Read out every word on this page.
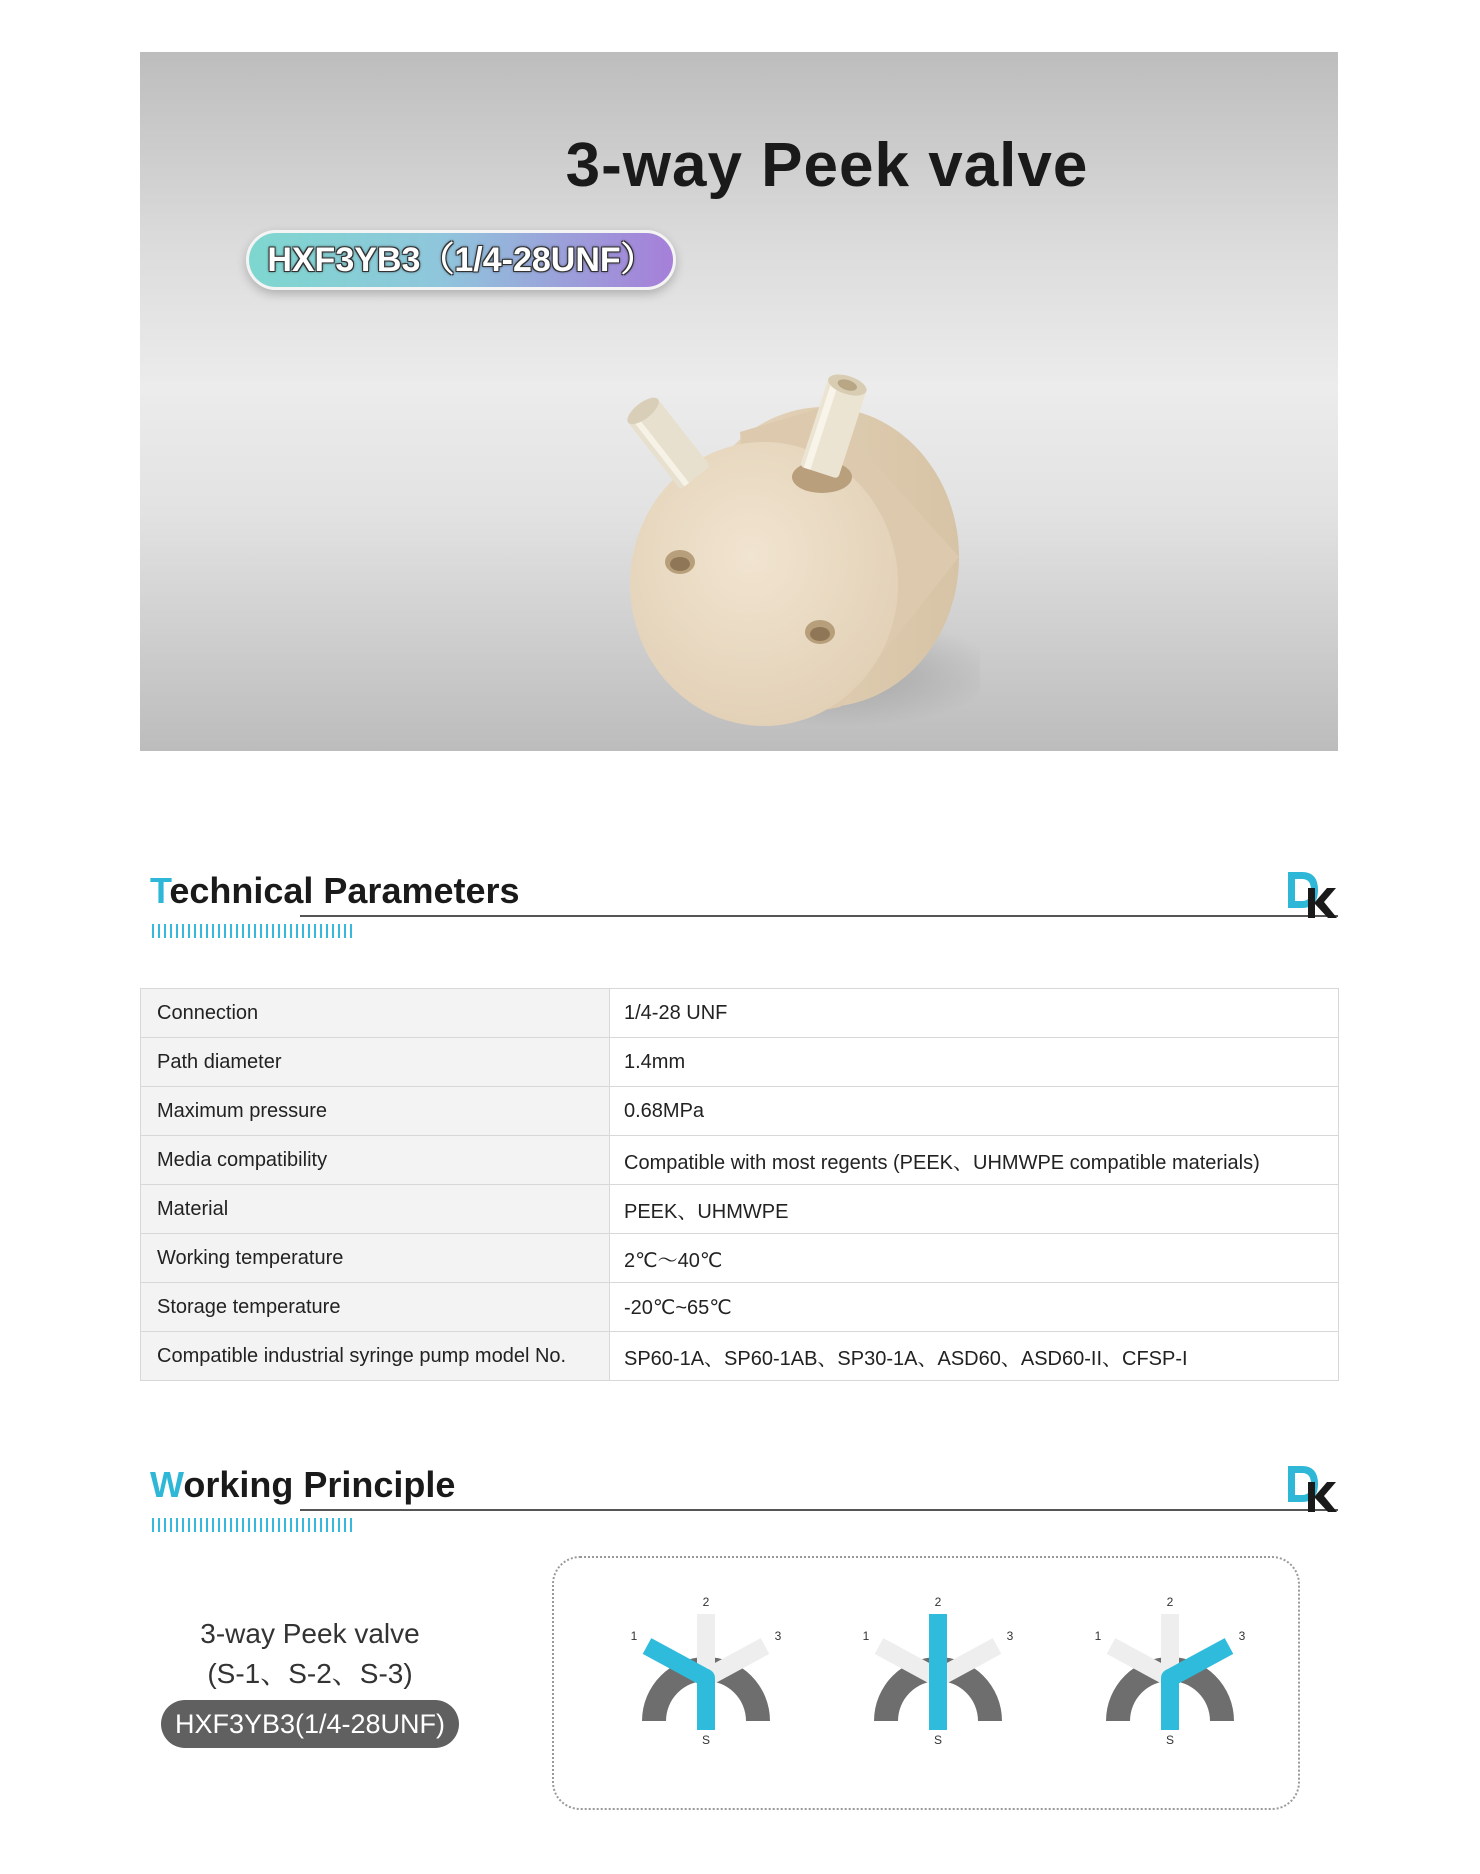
3-way Peek valve
HXF3YB3（1/4-28UNF）
Technical Parameters
Connection	1/4-28 UNF
Path diameter	1.4mm
Maximum pressure	0.68MPa
Media compatibility	Compatible with most regents (PEEK、UHMWPE compatible materials)
Material	PEEK、UHMWPE
Working temperature	2℃～40℃
Storage temperature	-20℃~65℃
Compatible industrial syringe pump model No.	SP60-1A、SP60-1AB、SP30-1A、ASD60、ASD60-II、CFSP-I
Working Principle
3-way Peek valve
(S-1、S-2、S-3)
HXF3YB3(1/4-28UNF)
2
1	3
S
2
1	3
S
2
1	3
S
